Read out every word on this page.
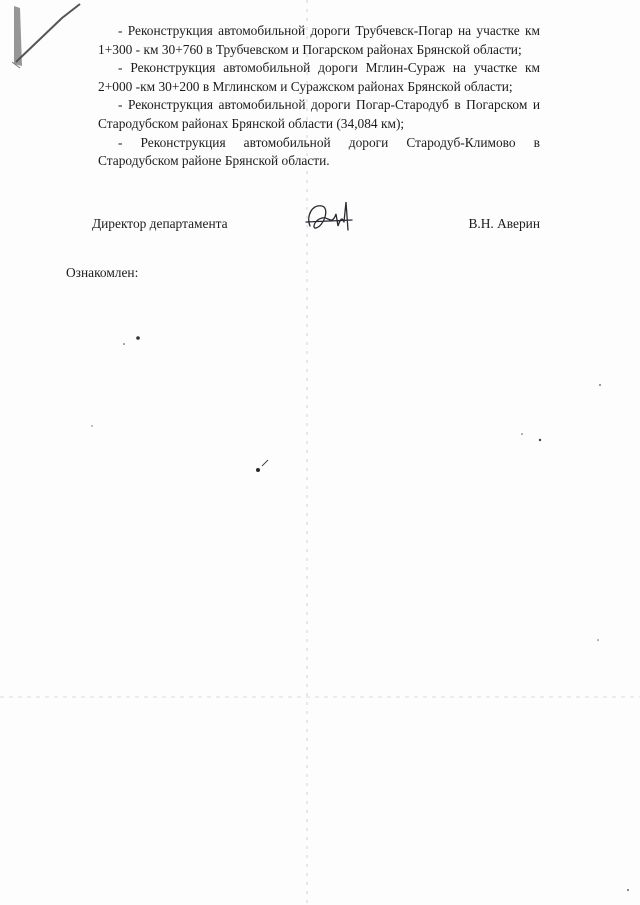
- Реконструкция автомобильной дороги Трубчевск-Погар на участке км 1+300 - км 30+760 в Трубчевском и Погарском районах Брянской области;

- Реконструкция автомобильной дороги Мглин-Сураж на участке км 2+000 -км 30+200 в Мглинском и Суражском районах Брянской области;

- Реконструкция автомобильной дороги Погар-Стародуб в Погарском и Стародубском районах Брянской области (34,084 км);

- Реконструкция автомобильной дороги Стародуб-Климово в Стародубском районе Брянской области.

Директор департамента	В.Н. Аверин
Ознакомлен:
